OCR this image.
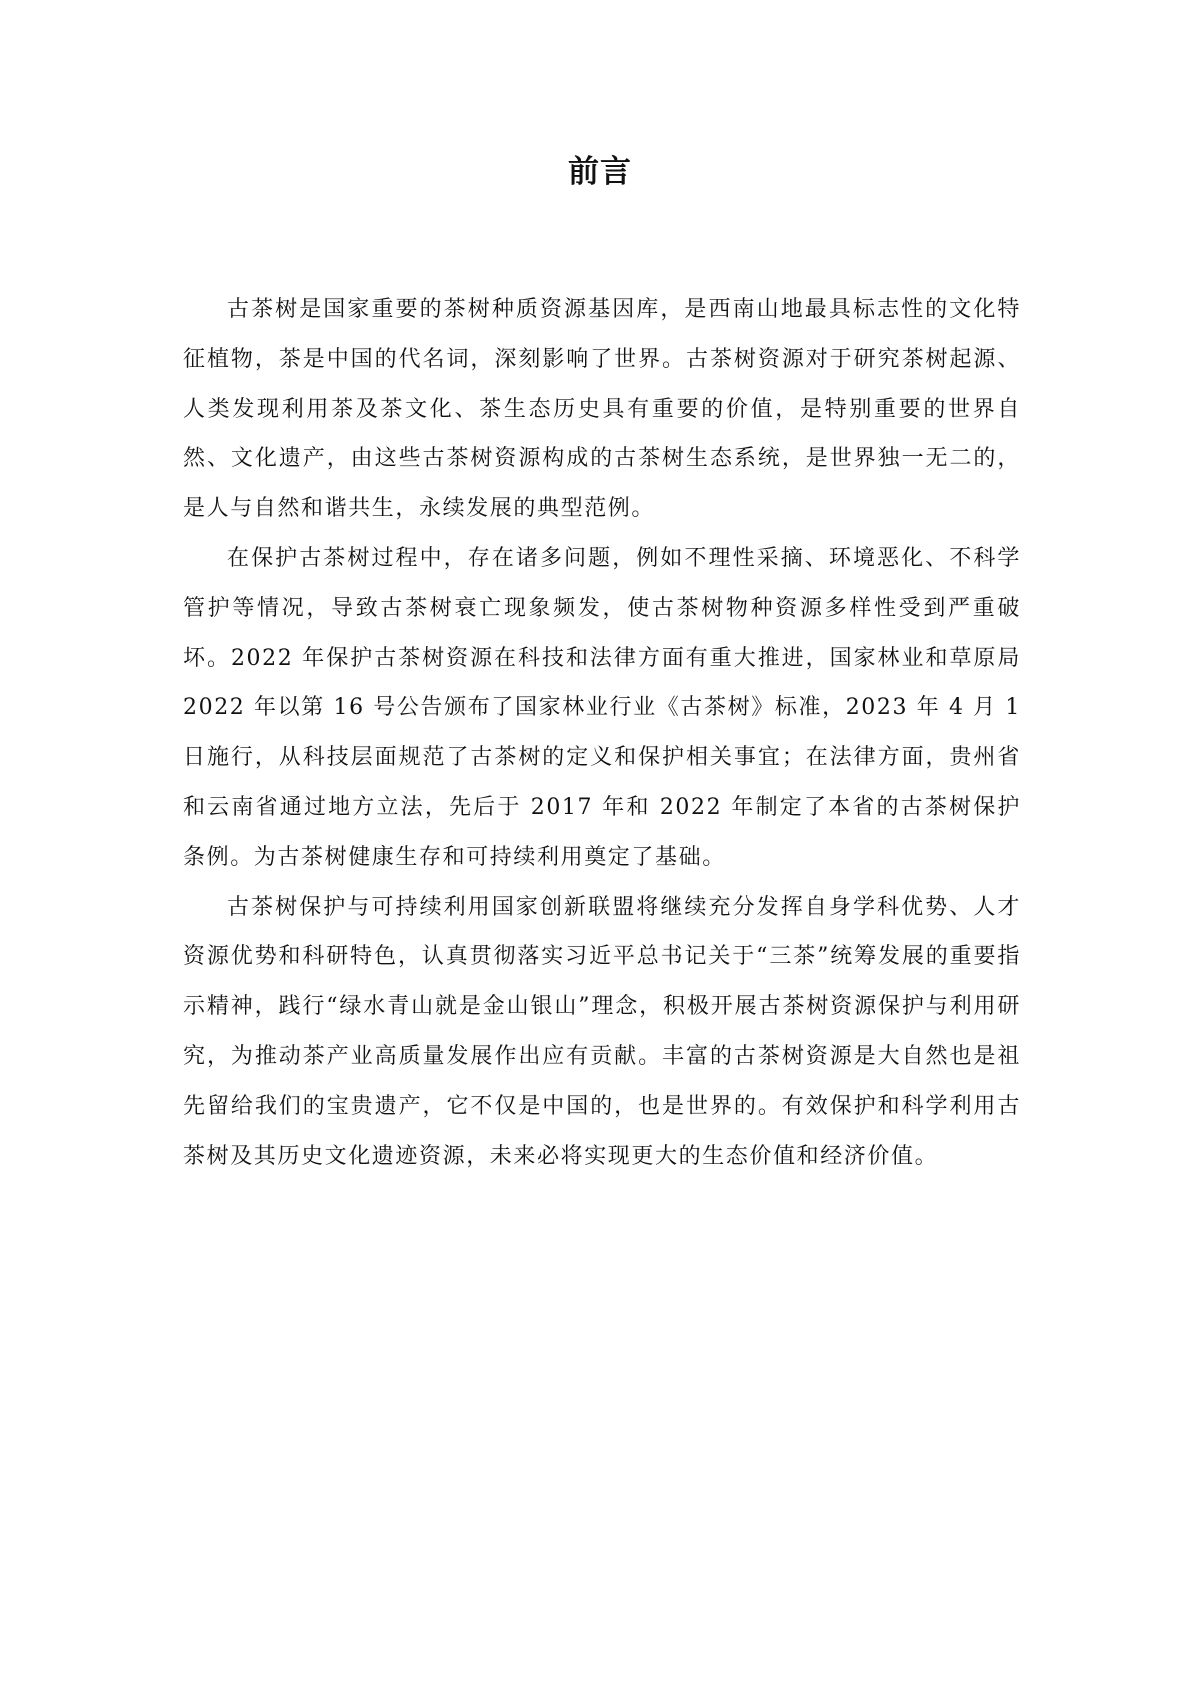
前言

古茶树是国家重要的茶树种质资源基因库，是西南山地最具标志性的文化特征植物，茶是中国的代名词，深刻影响了世界。古茶树资源对于研究茶树起源、人类发现利用茶及茶文化、茶生态历史具有重要的价值，是特别重要的世界自然、文化遗产，由这些古茶树资源构成的古茶树生态系统，是世界独一无二的，是人与自然和谐共生，永续发展的典型范例。

在保护古茶树过程中，存在诸多问题，例如不理性采摘、环境恶化、不科学管护等情况，导致古茶树衰亡现象频发，使古茶树物种资源多样性受到严重破坏。2022 年保护古茶树资源在科技和法律方面有重大推进，国家林业和草原局 2022 年以第 16 号公告颁布了国家林业行业《古茶树》标准，2023 年 4 月 1 日施行，从科技层面规范了古茶树的定义和保护相关事宜；在法律方面，贵州省和云南省通过地方立法，先后于 2017 年和 2022 年制定了本省的古茶树保护条例。为古茶树健康生存和可持续利用奠定了基础。

古茶树保护与可持续利用国家创新联盟将继续充分发挥自身学科优势、人才资源优势和科研特色，认真贯彻落实习近平总书记关于“三茶”统筹发展的重要指示精神，践行“绿水青山就是金山银山”理念，积极开展古茶树资源保护与利用研究，为推动茶产业高质量发展作出应有贡献。丰富的古茶树资源是大自然也是祖先留给我们的宝贵遗产，它不仅是中国的，也是世界的。有效保护和科学利用古茶树及其历史文化遗迹资源，未来必将实现更大的生态价值和经济价值。
